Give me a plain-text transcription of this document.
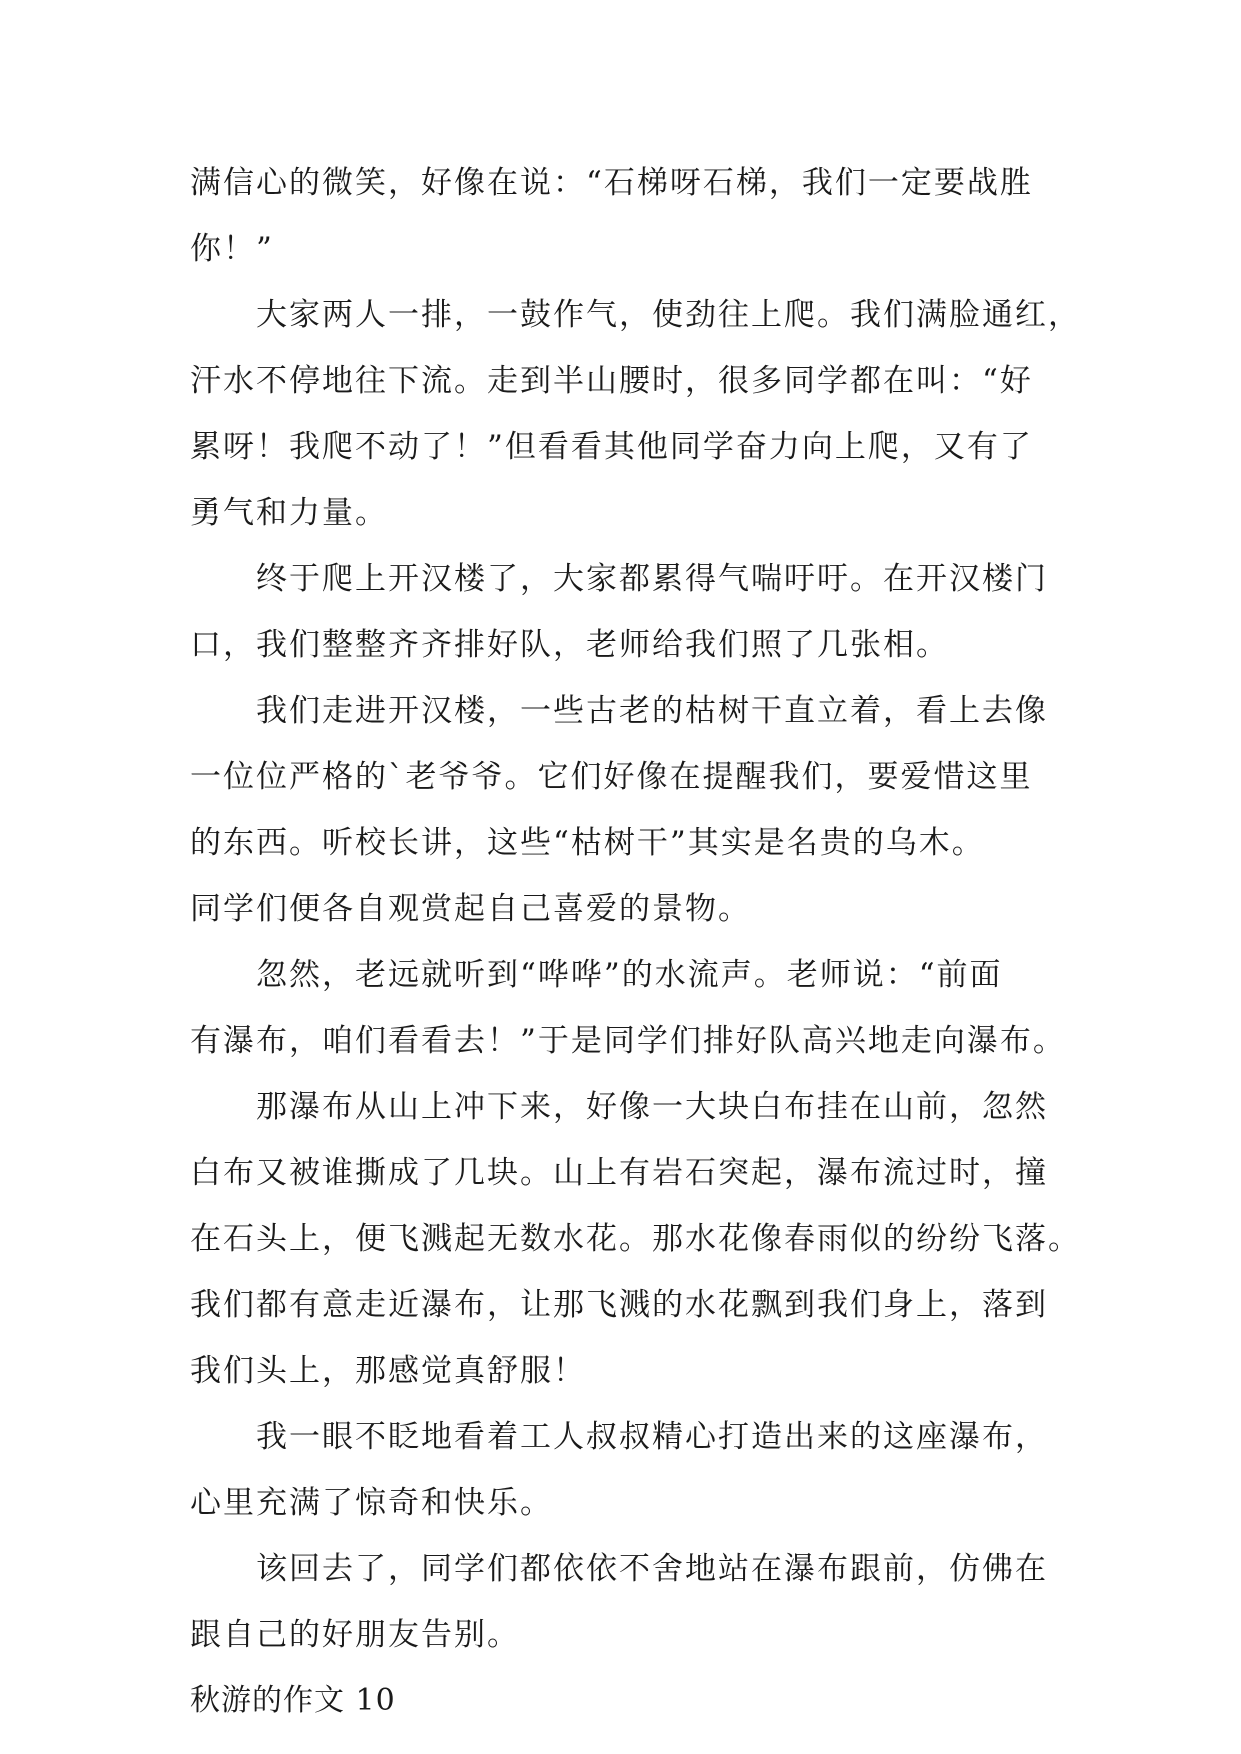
满信心的微笑，好像在说：“石梯呀石梯，我们一定要战胜
你！”
大家两人一排，一鼓作气，使劲往上爬。我们满脸通红，
汗水不停地往下流。走到半山腰时，很多同学都在叫：“好
累呀！我爬不动了！”但看看其他同学奋力向上爬，又有了
勇气和力量。
终于爬上开汉楼了，大家都累得气喘吁吁。在开汉楼门
口，我们整整齐齐排好队，老师给我们照了几张相。
我们走进开汉楼，一些古老的枯树干直立着，看上去像
一位位严格的`老爷爷。它们好像在提醒我们，要爱惜这里
的东西。听校长讲，这些“枯树干”其实是名贵的乌木。
同学们便各自观赏起自己喜爱的景物。
忽然，老远就听到“哗哗”的水流声。老师说：“前面
有瀑布，咱们看看去！”于是同学们排好队高兴地走向瀑布。
那瀑布从山上冲下来，好像一大块白布挂在山前，忽然
白布又被谁撕成了几块。山上有岩石突起，瀑布流过时，撞
在石头上，便飞溅起无数水花。那水花像春雨似的纷纷飞落。
我们都有意走近瀑布，让那飞溅的水花飘到我们身上，落到
我们头上，那感觉真舒服！
我一眼不眨地看着工人叔叔精心打造出来的这座瀑布，
心里充满了惊奇和快乐。
该回去了，同学们都依依不舍地站在瀑布跟前，仿佛在
跟自己的好朋友告别。
秋游的作文 10
